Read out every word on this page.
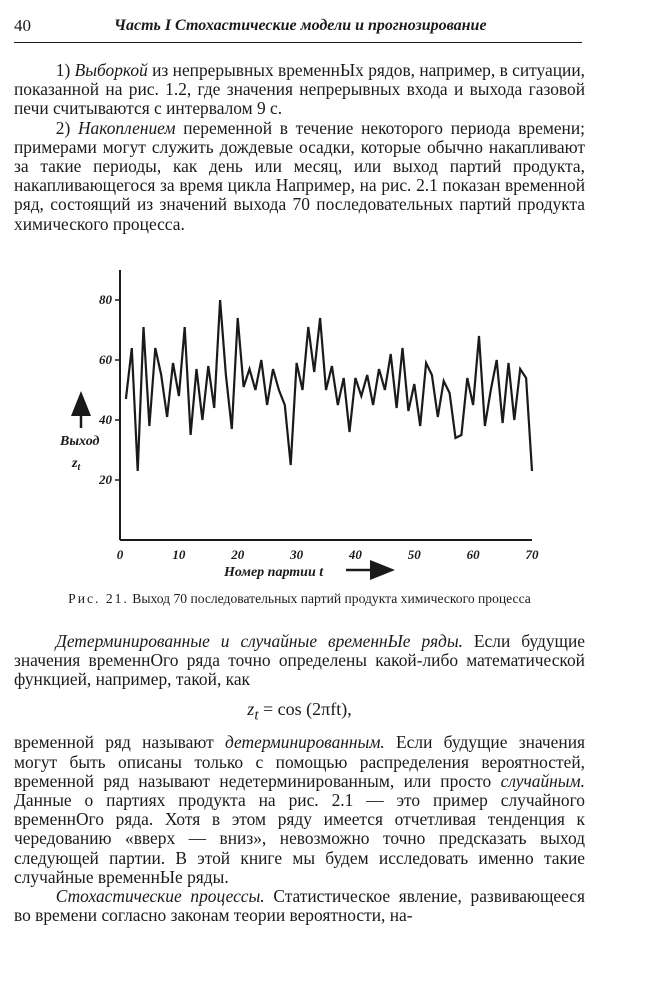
40	Часть I Стохастические модели и прогнозирование

1) Выборкой из непрерывных временнЫх рядов, например, в ситуации, показанной на рис. 1.2, где значения непрерывных входа и выхода газовой печи считываются с интервалом 9 с.

2) Накоплением переменной в течение некоторого периода времени; примерами могут служить дождевые осадки, которые обычно накапливают за такие периоды, как день или месяц, или выход партий продукта, накапливающегося за время цикла Например, на рис. 2.1 показан временной ряд, состоящий из значений выхода 70 последовательных партий продукта химического процесса.

0	10	20	30	40	50	60	70
20
40
60
80
Выход
$z_t$
Номер партии t
Рис. 21. Выход 70 последовательных партий продукта химического процесса

Детерминированные и случайные временнЫе ряды. Если будущие значения временнОго ряда точно определены какой-либо математической функцией, например, такой, как

$z_t = \cos (2\pi ft)$,

временной ряд называют детерминированным. Если будущие значения могут быть описаны только с помощью распределения вероятностей, временной ряд называют недетерминированным, или просто случайным. Данные о партиях продукта на рис. 2.1 — это пример случайного временнОго ряда. Хотя в этом ряду имеется отчетливая тенденция к чередованию «вверх — вниз», невозможно точно предсказать выход следующей партии. В этой книге мы будем исследовать именно такие случайные временнЫе ряды.

Стохастические процессы. Статистическое явление, развивающееся во времени согласно законам теории вероятности, на-
